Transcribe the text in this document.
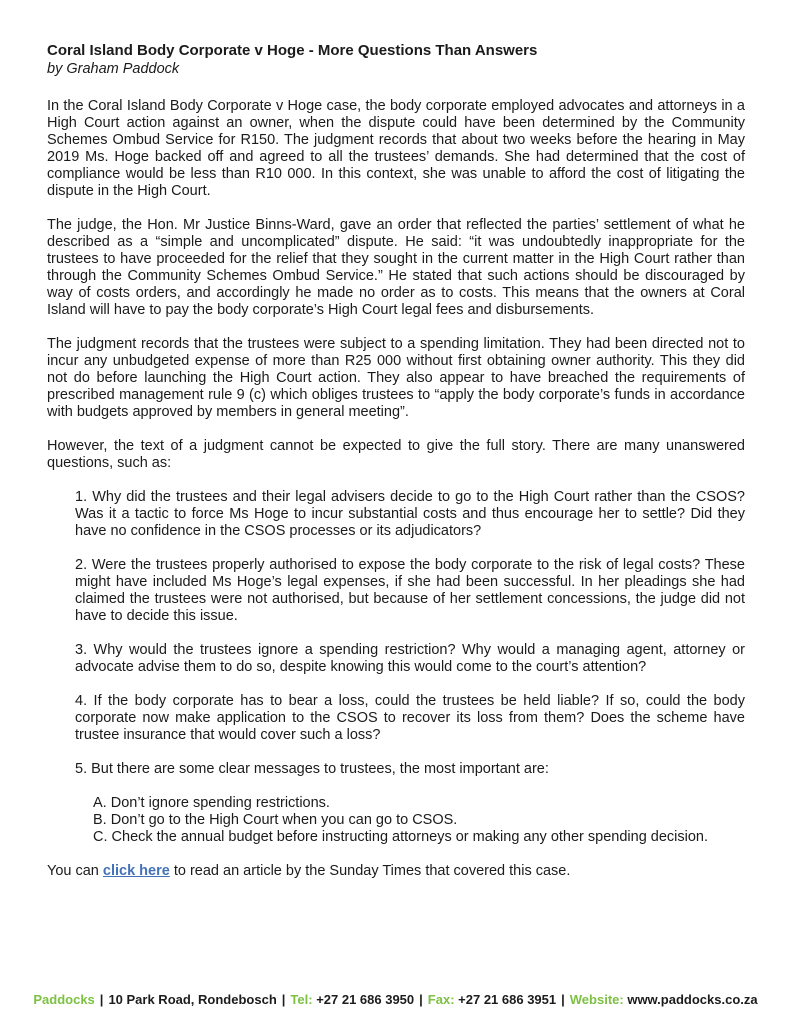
Coral Island Body Corporate v Hoge - More Questions Than Answers

by Graham Paddock

In the Coral Island Body Corporate v Hoge case, the body corporate employed advocates and attorneys in a High Court action against an owner, when the dispute could have been determined by the Community Schemes Ombud Service for R150. The judgment records that about two weeks before the hearing in May 2019 Ms. Hoge backed off and agreed to all the trustees’ demands. She had determined that the cost of compliance would be less than R10 000. In this context, she was unable to afford the cost of litigating the dispute in the High Court.

The judge, the Hon. Mr Justice Binns-Ward, gave an order that reflected the parties’ settlement of what he described as a “simple and uncomplicated” dispute. He said: “it was undoubtedly inappropriate for the trustees to have proceeded for the relief that they sought in the current matter in the High Court rather than through the Community Schemes Ombud Service.” He stated that such actions should be discouraged by way of costs orders, and accordingly he made no order as to costs. This means that the owners at Coral Island will have to pay the body corporate’s High Court legal fees and disbursements.

The judgment records that the trustees were subject to a spending limitation. They had been directed not to incur any unbudgeted expense of more than R25 000 without first obtaining owner authority. This they did not do before launching the High Court action. They also appear to have breached the requirements of prescribed management rule 9 (c) which obliges trustees to “apply the body corporate’s funds in accordance with budgets approved by members in general meeting”.

However, the text of a judgment cannot be expected to give the full story. There are many unanswered questions, such as:

1. Why did the trustees and their legal advisers decide to go to the High Court rather than the CSOS? Was it a tactic to force Ms Hoge to incur substantial costs and thus encourage her to settle? Did they have no confidence in the CSOS processes or its adjudicators?

2. Were the trustees properly authorised to expose the body corporate to the risk of legal costs? These might have included Ms Hoge’s legal expenses, if she had been successful. In her pleadings she had claimed the trustees were not authorised, but because of her settlement concessions, the judge did not have to decide this issue.

3. Why would the trustees ignore a spending restriction? Why would a managing agent, attorney or advocate advise them to do so, despite knowing this would come to the court’s attention?

4. If the body corporate has to bear a loss, could the trustees be held liable? If so, could the body corporate now make application to the CSOS to recover its loss from them? Does the scheme have trustee insurance that would cover such a loss?

5. But there are some clear messages to trustees, the most important are:

A. Don’t ignore spending restrictions.

B. Don’t go to the High Court when you can go to CSOS.

C. Check the annual budget before instructing attorneys or making any other spending decision.

You can click here to read an article by the Sunday Times that covered this case.

Paddocks | 10 Park Road, Rondebosch | Tel: +27 21 686 3950 | Fax: +27 21 686 3951 | Website: www.paddocks.co.za
